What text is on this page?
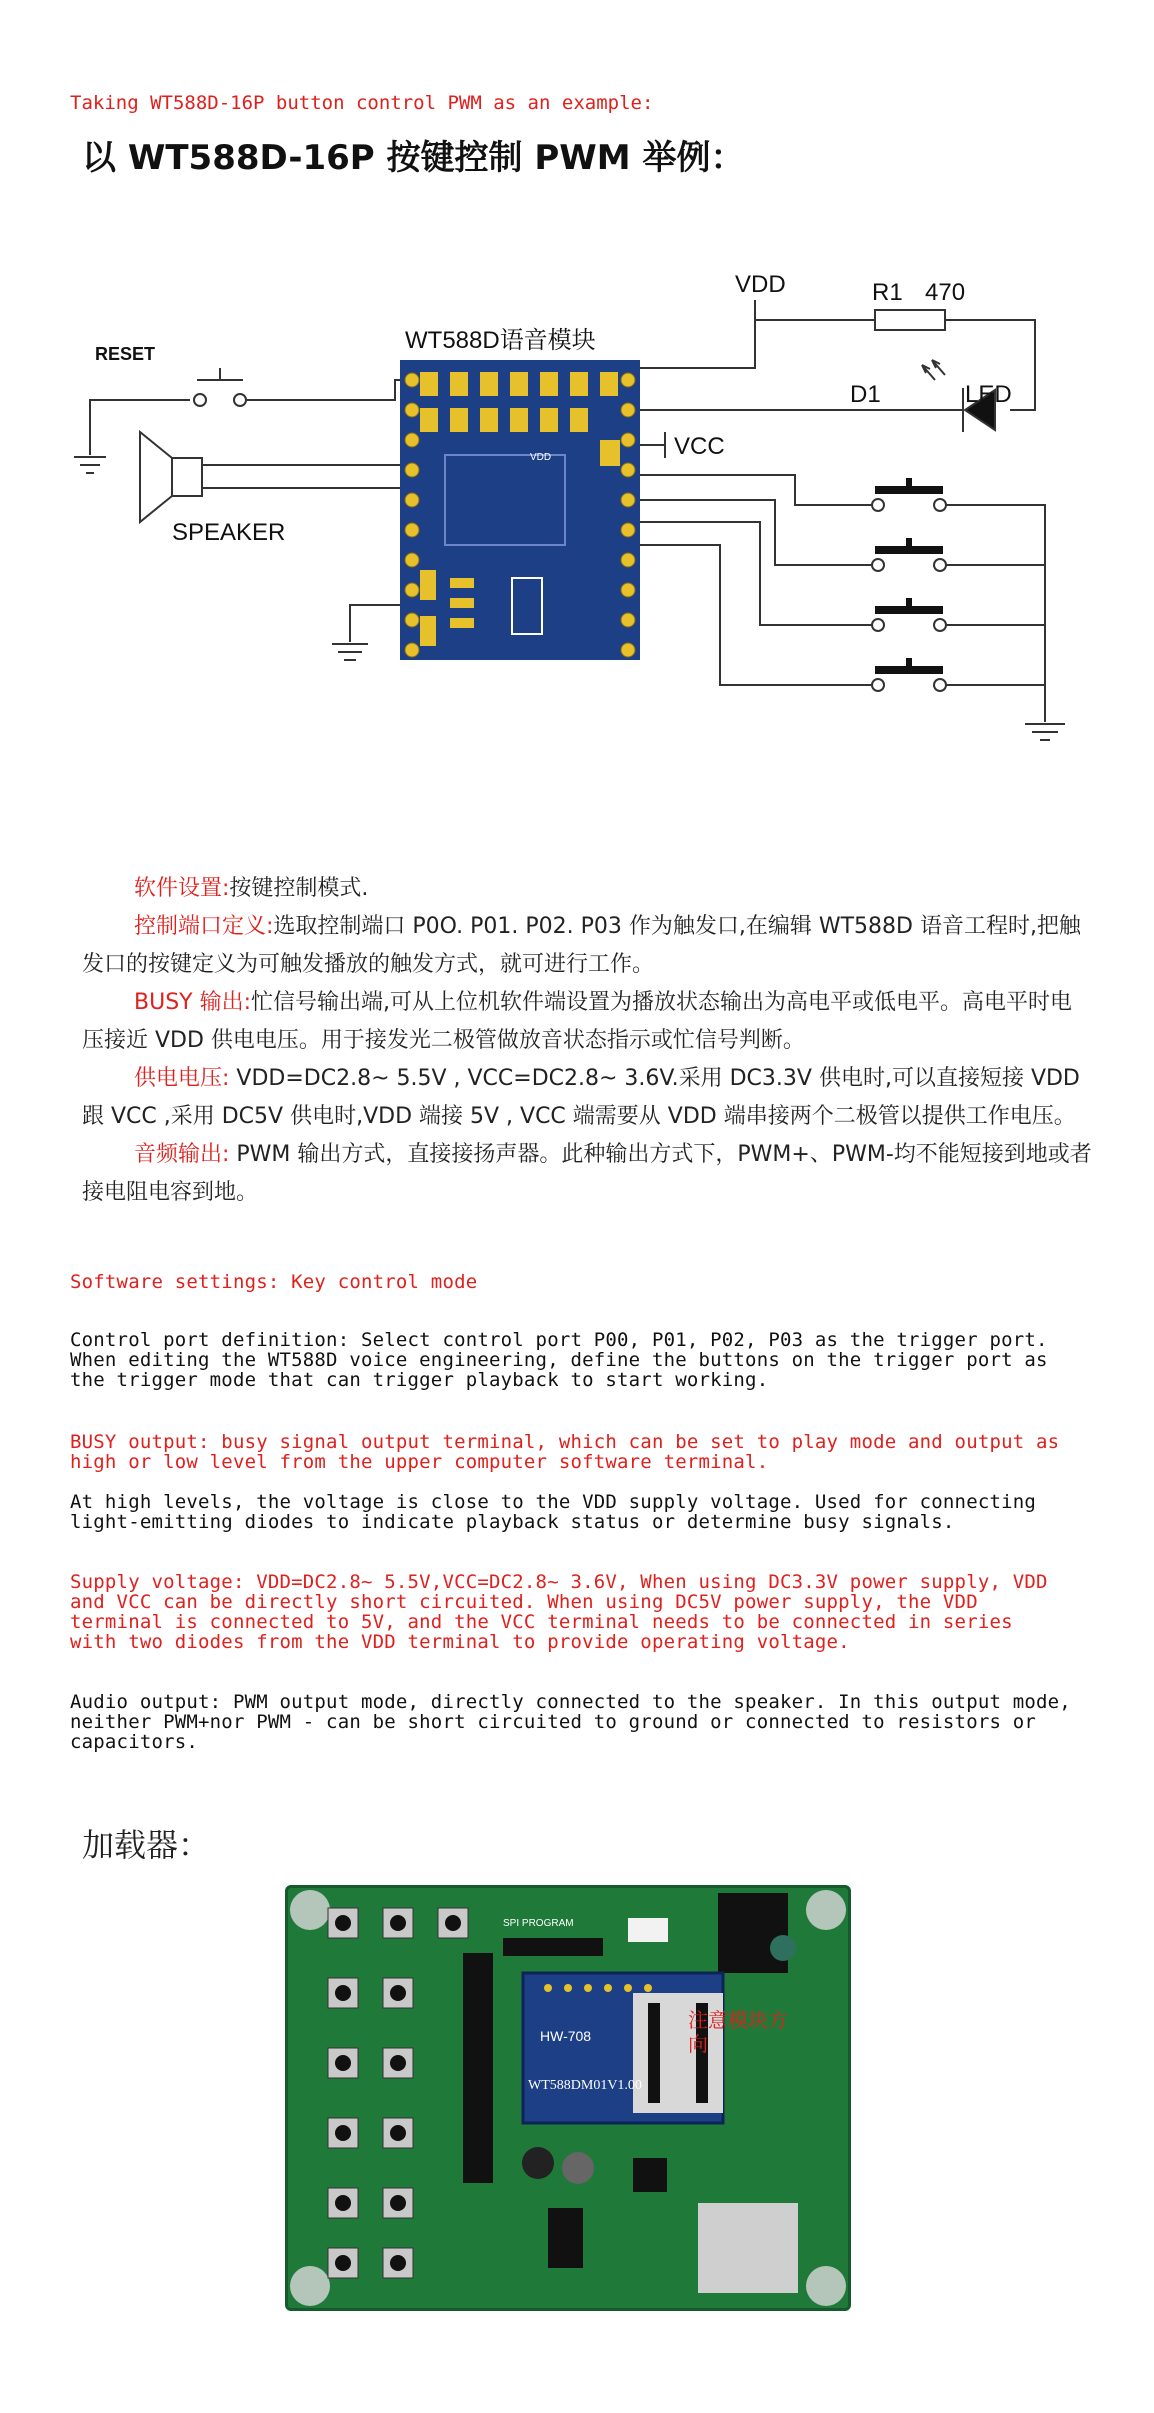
Taking WT588D-16P button control PWM as an example:
以 WT588D-16P 按键控制 PWM 举例：
VDD	R1 470
WT588D语音模块
RESET
D1	LED
VCC
SPEAKER
VDD
软件设置:按键控制模式.
控制端口定义:选取控制端口 P0O. P01. P02. P03 作为触发口,在编辑 WT588D 语音工程时,把触发口的按键定义为可触发播放的触发方式，就可进行工作。
BUSY 输出:忙信号输出端,可从上位机软件端设置为播放状态输出为高电平或低电平。高电平时电压接近 VDD 供电电压。用于接发光二极管做放音状态指示或忙信号判断。
供电电压: VDD=DC2.8~ 5.5V , VCC=DC2.8~ 3.6V.采用 DC3.3V 供电时,可以直接短接 VDD 跟 VCC ,采用 DC5V 供电时,VDD 端接 5V , VCC 端需要从 VDD 端串接两个二极管以提供工作电压。
音频输出: PWM 输出方式，直接接扬声器。此种输出方式下，PWM+、PWM-均不能短接到地或者接电阻电容到地。
Software settings: Key control mode
Control port definition: Select control port P00, P01, P02, P03 as the trigger port.
When editing the WT588D voice engineering, define the buttons on the trigger port as
the trigger mode that can trigger playback to start working.
BUSY output: busy signal output terminal, which can be set to play mode and output as
high or low level from the upper computer software terminal.
At high levels, the voltage is close to the VDD supply voltage. Used for connecting
light-emitting diodes to indicate playback status or determine busy signals.
Supply voltage: VDD=DC2.8~ 5.5V,VCC=DC2.8~ 3.6V, When using DC3.3V power supply, VDD
and VCC can be directly short circuited. When using DC5V power supply, the VDD
terminal is connected to 5V, and the VCC terminal needs to be connected in series
with two diodes from the VDD terminal to provide operating voltage.
Audio output: PWM output mode, directly connected to the speaker. In this output mode,
neither PWM+nor PWM - can be short circuited to ground or connected to resistors or
capacitors.
加载器：
SPI PROGRAM
HW-708
WT588DM01V1.00
注意模块方向
